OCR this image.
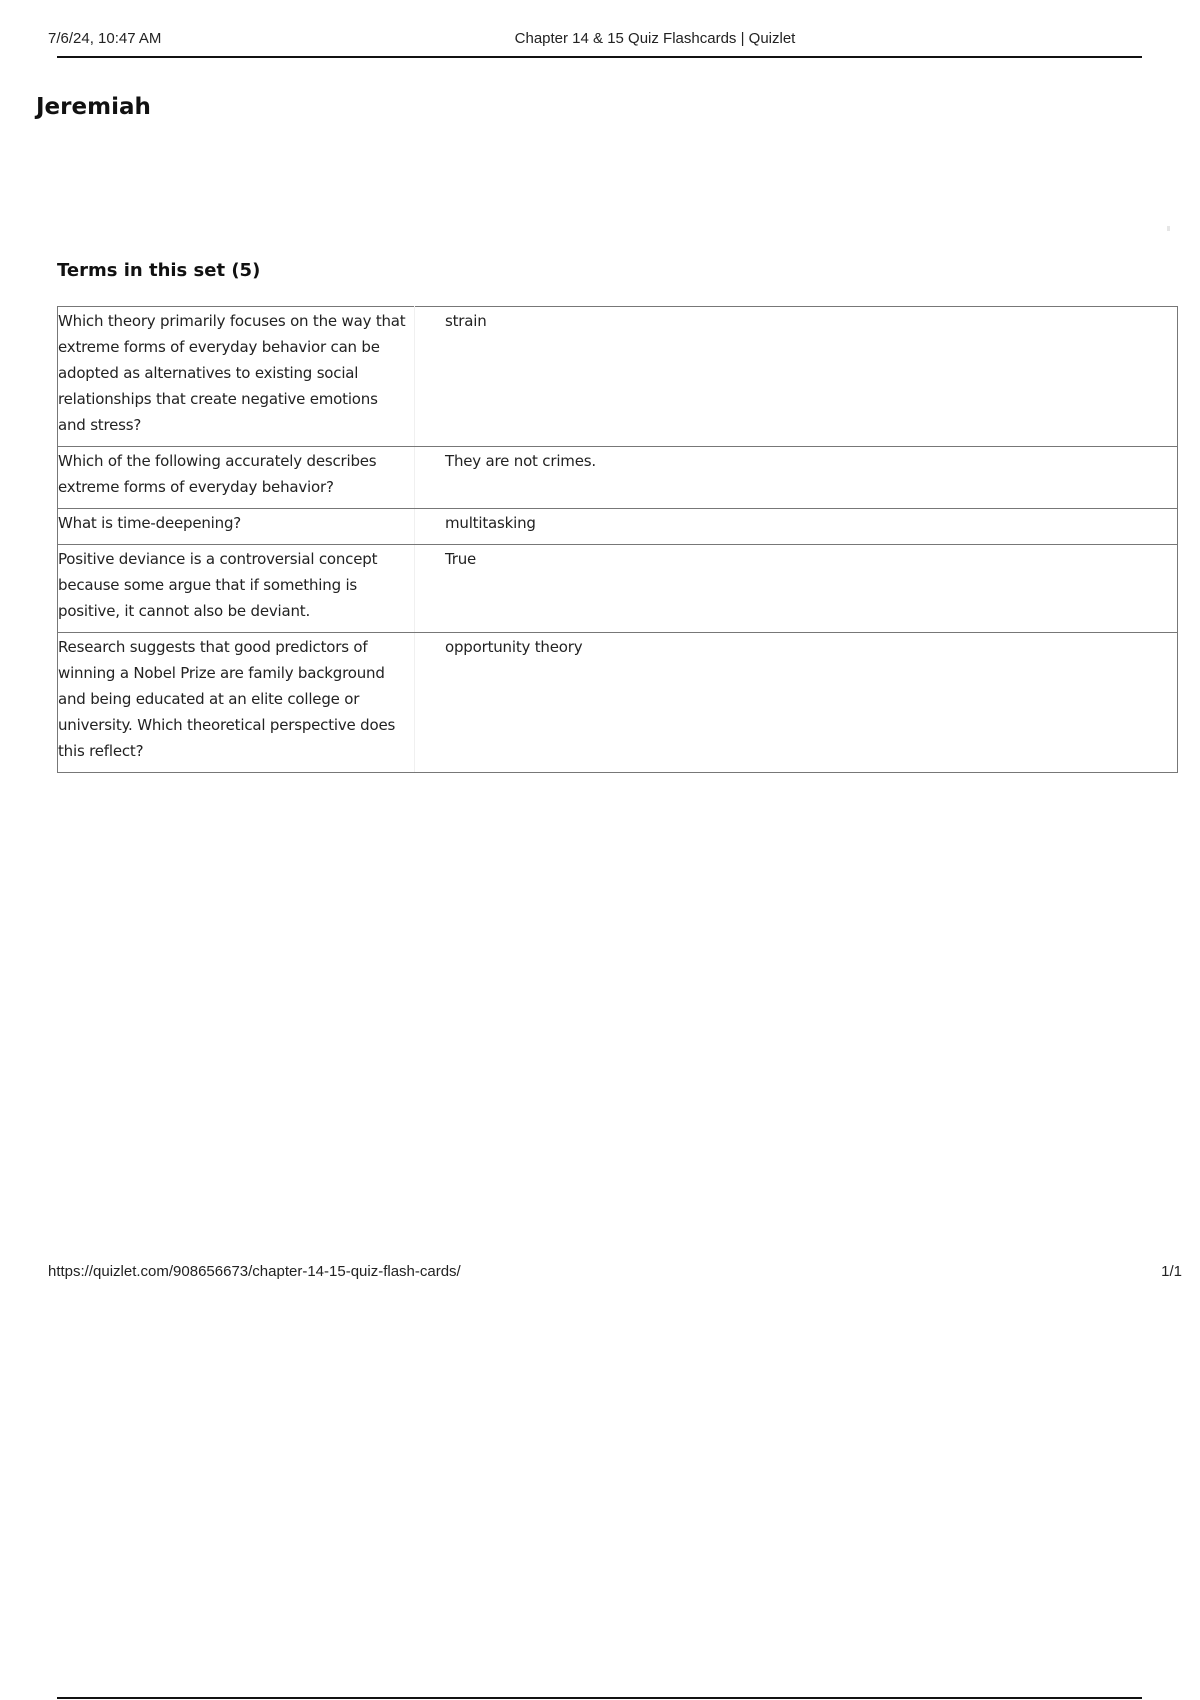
7/6/24, 10:47 AM	Chapter 14 & 15 Quiz Flashcards | Quizlet
Jeremiah
Terms in this set (5)
Which theory primarily focuses on the way that extreme forms of everyday behavior can be adopted as alternatives to existing social relationships that create negative emotions and stress?	strain
Which of the following accurately describes extreme forms of everyday behavior?	They are not crimes.
What is time-deepening?	multitasking
Positive deviance is a controversial concept because some argue that if something is positive, it cannot also be deviant.	True
Research suggests that good predictors of winning a Nobel Prize are family background and being educated at an elite college or university. Which theoretical perspective does this reflect?	opportunity theory
https://quizlet.com/908656673/chapter-14-15-quiz-flash-cards/	1/1
